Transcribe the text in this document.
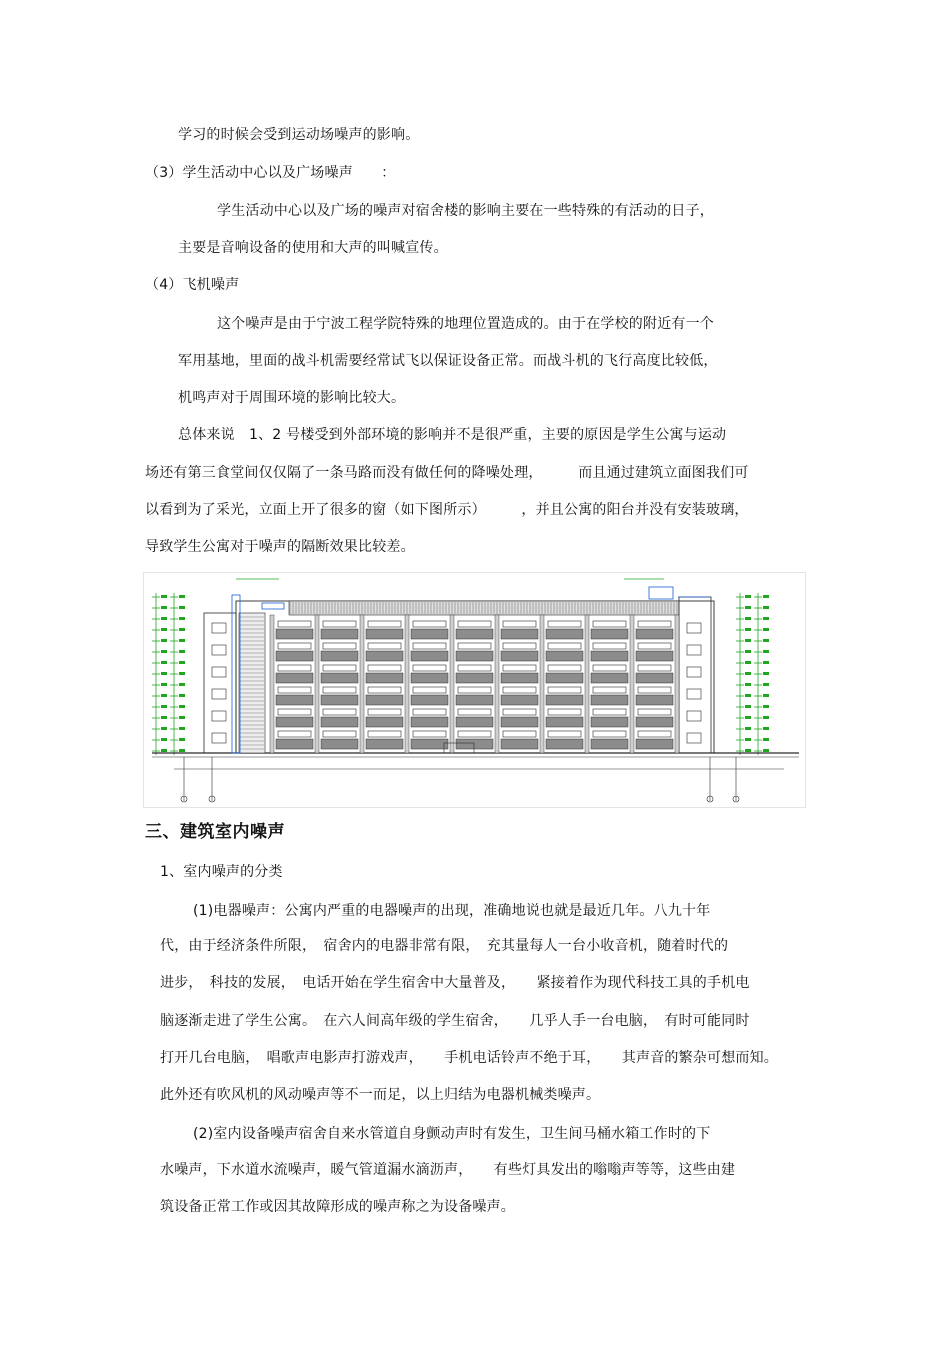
学习的时候会受到运动场噪声的影响。
（3）学生活动中心以及广场噪声　　：
学生活动中心以及广场的噪声对宿舍楼的影响主要在一些特殊的有活动的日子，
主要是音响设备的使用和大声的叫喊宣传。
（4）飞机噪声
这个噪声是由于宁波工程学院特殊的地理位置造成的。由于在学校的附近有一个
军用基地，里面的战斗机需要经常试飞以保证设备正常。而战斗机的飞行高度比较低，
机鸣声对于周围环境的影响比较大。
总体来说　1、2 号楼受到外部环境的影响并不是很严重，主要的原因是学生公寓与运动
场还有第三食堂间仅仅隔了一条马路而没有做任何的降噪处理，　　　而且通过建筑立面图我们可
以看到为了采光，立面上开了很多的窗（如下图所示）　　　，并且公寓的阳台并没有安装玻璃，
导致学生公寓对于噪声的隔断效果比较差。
三、建筑室内噪声
1、室内噪声的分类
(1)电器噪声：公寓内严重的电器噪声的出现，准确地说也就是最近几年。八九十年
代，由于经济条件所限，　宿舍内的电器非常有限，　充其量每人一台小收音机，随着时代的
进步，　科技的发展，　电话开始在学生宿舍中大量普及，　　紧接着作为现代科技工具的手机电
脑逐渐走进了学生公寓。　在六人间高年级的学生宿舍，　　几乎人手一台电脑，　有时可能同时
打开几台电脑，　唱歌声电影声打游戏声，　　手机电话铃声不绝于耳，　　其声音的繁杂可想而知。
此外还有吹风机的风动噪声等不一而足，以上归结为电器机械类噪声。
(2)室内设备噪声宿舍自来水管道自身颤动声时有发生，卫生间马桶水箱工作时的下
水噪声，下水道水流噪声，暖气管道漏水滴沥声，　　有些灯具发出的嗡嗡声等等，这些由建
筑设备正常工作或因其故障形成的噪声称之为设备噪声。
